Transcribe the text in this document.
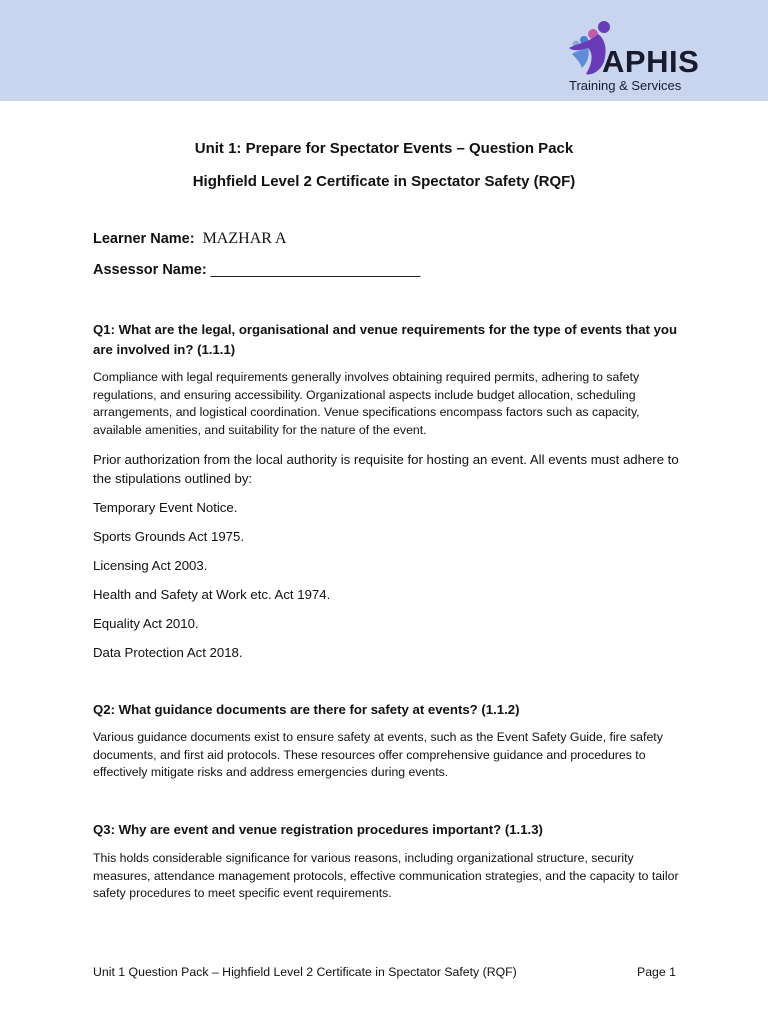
APHIS
Training & Services
Unit 1: Prepare for Spectator Events – Question Pack
Highfield Level 2 Certificate in Spectator Safety (RQF)
Learner Name: MAZHAR A
Assessor Name: __________________________
Q1: What are the legal, organisational and venue requirements for the type of events that you are involved in? (1.1.1)
Compliance with legal requirements generally involves obtaining required permits, adhering to safety regulations, and ensuring accessibility. Organizational aspects include budget allocation, scheduling arrangements, and logistical coordination. Venue specifications encompass factors such as capacity, available amenities, and suitability for the nature of the event.
Prior authorization from the local authority is requisite for hosting an event. All events must adhere to the stipulations outlined by:
Temporary Event Notice.
Sports Grounds Act 1975.
Licensing Act 2003.
Health and Safety at Work etc. Act 1974.
Equality Act 2010.
Data Protection Act 2018.
Q2: What guidance documents are there for safety at events? (1.1.2)
Various guidance documents exist to ensure safety at events, such as the Event Safety Guide, fire safety documents, and first aid protocols. These resources offer comprehensive guidance and procedures to effectively mitigate risks and address emergencies during events.
Q3: Why are event and venue registration procedures important? (1.1.3)
This holds considerable significance for various reasons, including organizational structure, security measures, attendance management protocols, effective communication strategies, and the capacity to tailor safety procedures to meet specific event requirements.
Unit 1 Question Pack – Highfield Level 2 Certificate in Spectator Safety (RQF)	Page 1
